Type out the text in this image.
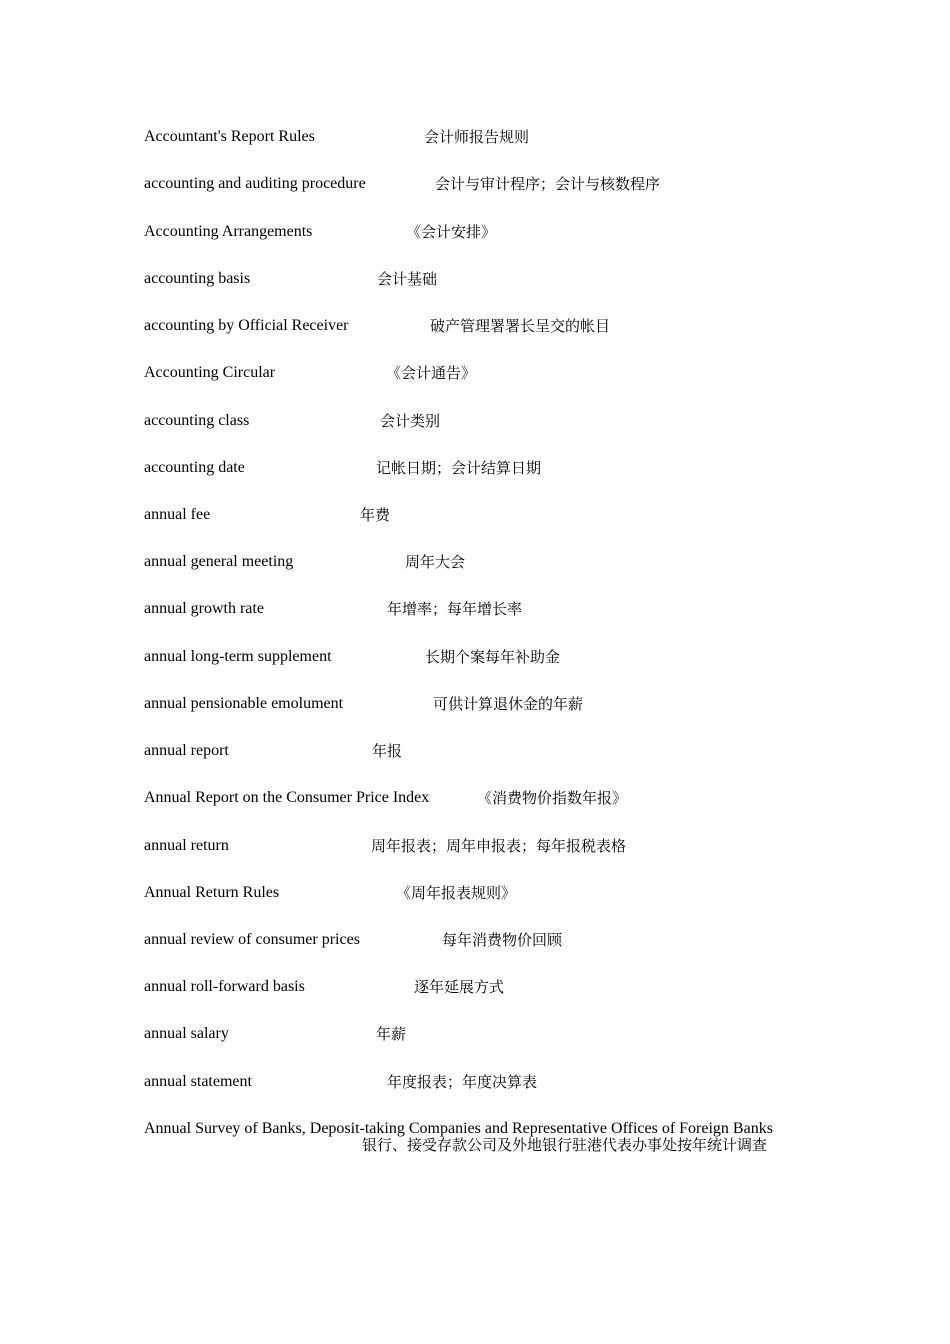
Accountant's Report Rules	会计师报告规则
accounting and auditing procedure	会计与审计程序；会计与核数程序
Accounting Arrangements	《会计安排》
accounting basis	会计基础
accounting by Official Receiver	破产管理署署长呈交的帐目
Accounting Circular	《会计通告》
accounting class	会计类别
accounting date	记帐日期；会计结算日期
annual fee	年费
annual general meeting	周年大会
annual growth rate	年增率；每年增长率
annual long-term supplement	长期个案每年补助金
annual pensionable emolument	可供计算退休金的年薪
annual report	年报
Annual Report on the Consumer Price Index	《消费物价指数年报》
annual return	周年报表；周年申报表；每年报税表格
Annual Return Rules	《周年报表规则》
annual review of consumer prices	每年消费物价回顾
annual roll-forward basis	逐年延展方式
annual salary	年薪
annual statement	年度报表；年度决算表
Annual Survey of Banks, Deposit-taking Companies and Representative Offices of Foreign Banks
银行、接受存款公司及外地银行驻港代表办事处按年统计调查
